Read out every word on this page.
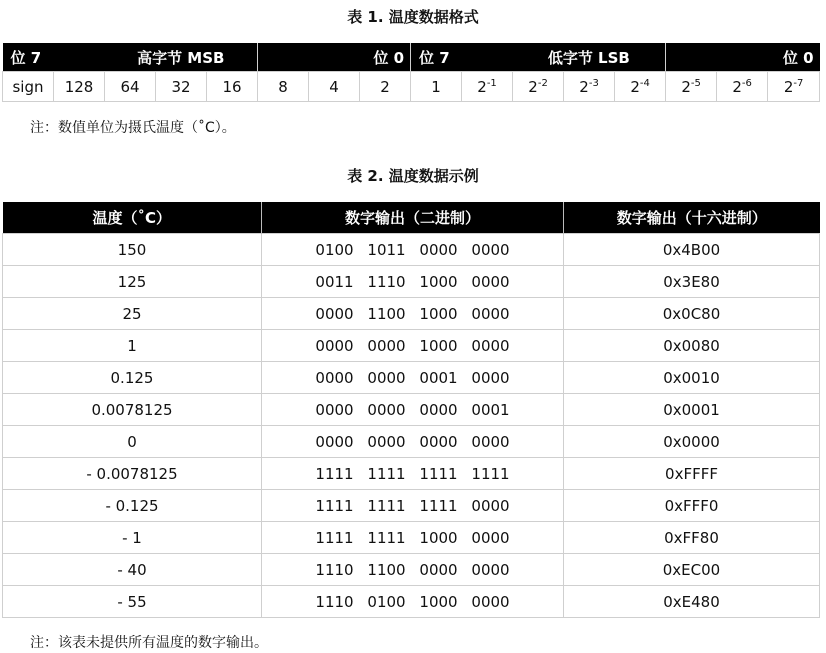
表 1. 温度数据格式
位 7		高字节 MSB			位 0			位 7		低字节 LSB			位 0		
sign	128	64	32	16	8	4	2	1	$2^{-1}$	$2^{-2}$	$2^{-3}$	$2^{-4}$	$2^{-5}$	$2^{-6}$	$2^{-7}$
注：数值单位为摄氏温度（˚C）。
表 2. 温度数据示例
温度（˚C）	数字输出（二进制）	数字输出（十六进制）
150	0100 1011 0000 0000	0x4B00
125	0011 1110 1000 0000	0x3E80
25	0000 1100 1000 0000	0x0C80
1	0000 0000 1000 0000	0x0080
0.125	0000 0000 0001 0000	0x0010
0.0078125	0000 0000 0000 0001	0x0001
0	0000 0000 0000 0000	0x0000
- 0.0078125	1111 1111 1111 1111	0xFFFF
- 0.125	1111 1111 1111 0000	0xFFF0
- 1	1111 1111 1000 0000	0xFF80
- 40	1110 1100 0000 0000	0xEC00
- 55	1110 0100 1000 0000	0xE480
注：该表未提供所有温度的数字输出。
